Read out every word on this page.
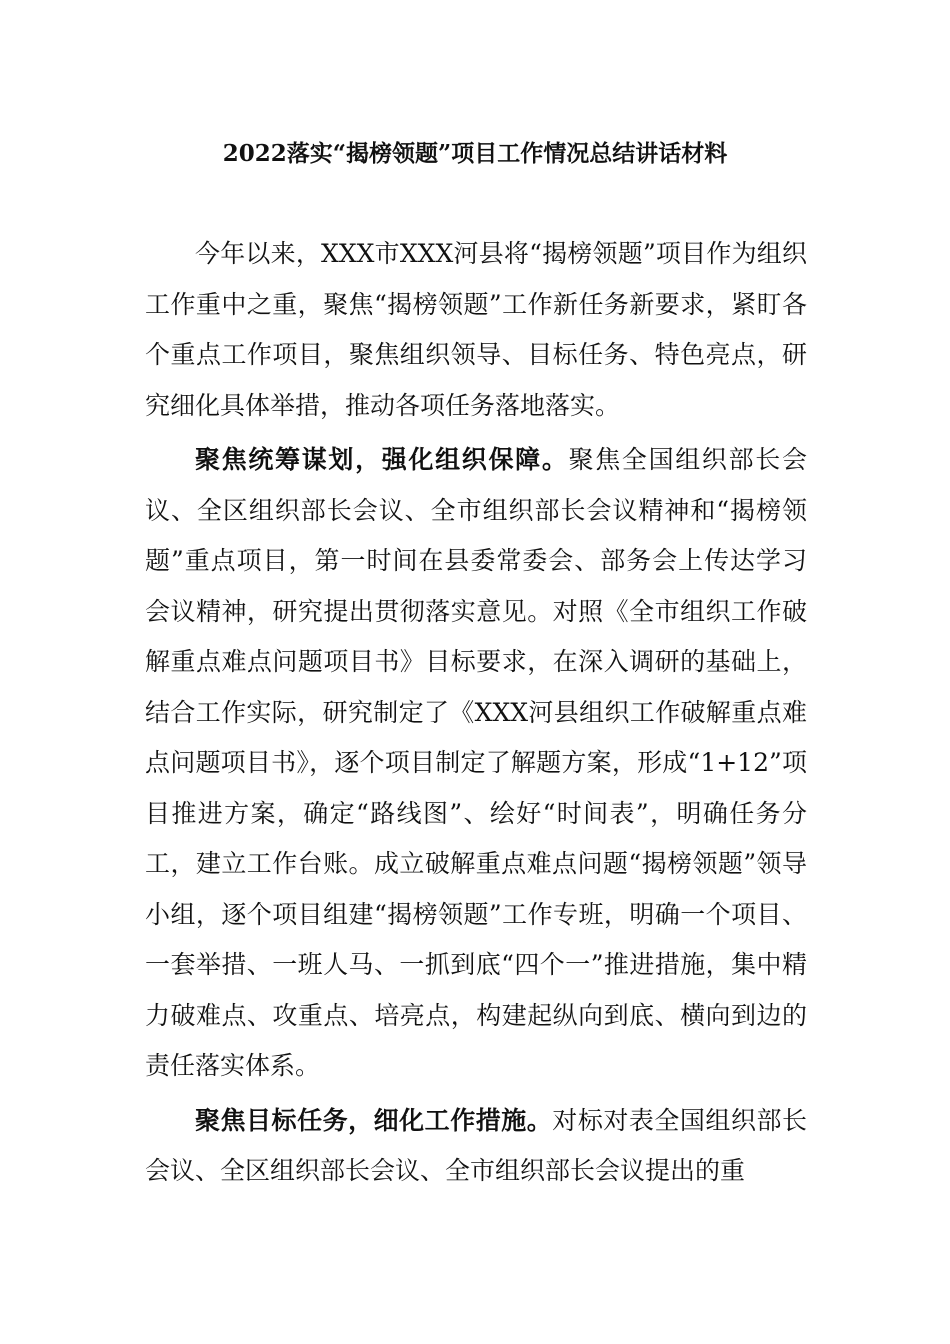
2022落实“揭榜领题”项目工作情况总结讲话材料

今年以来，XXX市XXX河县将“揭榜领题”项目作为组织工作重中之重，聚焦“揭榜领题”工作新任务新要求，紧盯各个重点工作项目，聚焦组织领导、目标任务、特色亮点，研究细化具体举措，推动各项任务落地落实。

聚焦统筹谋划，强化组织保障。聚焦全国组织部长会议、全区组织部长会议、全市组织部长会议精神和“揭榜领题”重点项目，第一时间在县委常委会、部务会上传达学习会议精神，研究提出贯彻落实意见。对照《全市组织工作破解重点难点问题项目书》目标要求，在深入调研的基础上，结合工作实际，研究制定了《XXX河县组织工作破解重点难点问题项目书》，逐个项目制定了解题方案，形成“1+12”项目推进方案，确定“路线图”、绘好“时间表”，明确任务分工，建立工作台账。成立破解重点难点问题“揭榜领题”领导小组，逐个项目组建“揭榜领题”工作专班，明确一个项目、一套举措、一班人马、一抓到底“四个一”推进措施，集中精力破难点、攻重点、培亮点，构建起纵向到底、横向到边的责任落实体系。

聚焦目标任务，细化工作措施。对标对表全国组织部长会议、全区组织部长会议、全市组织部长会议提出的重
